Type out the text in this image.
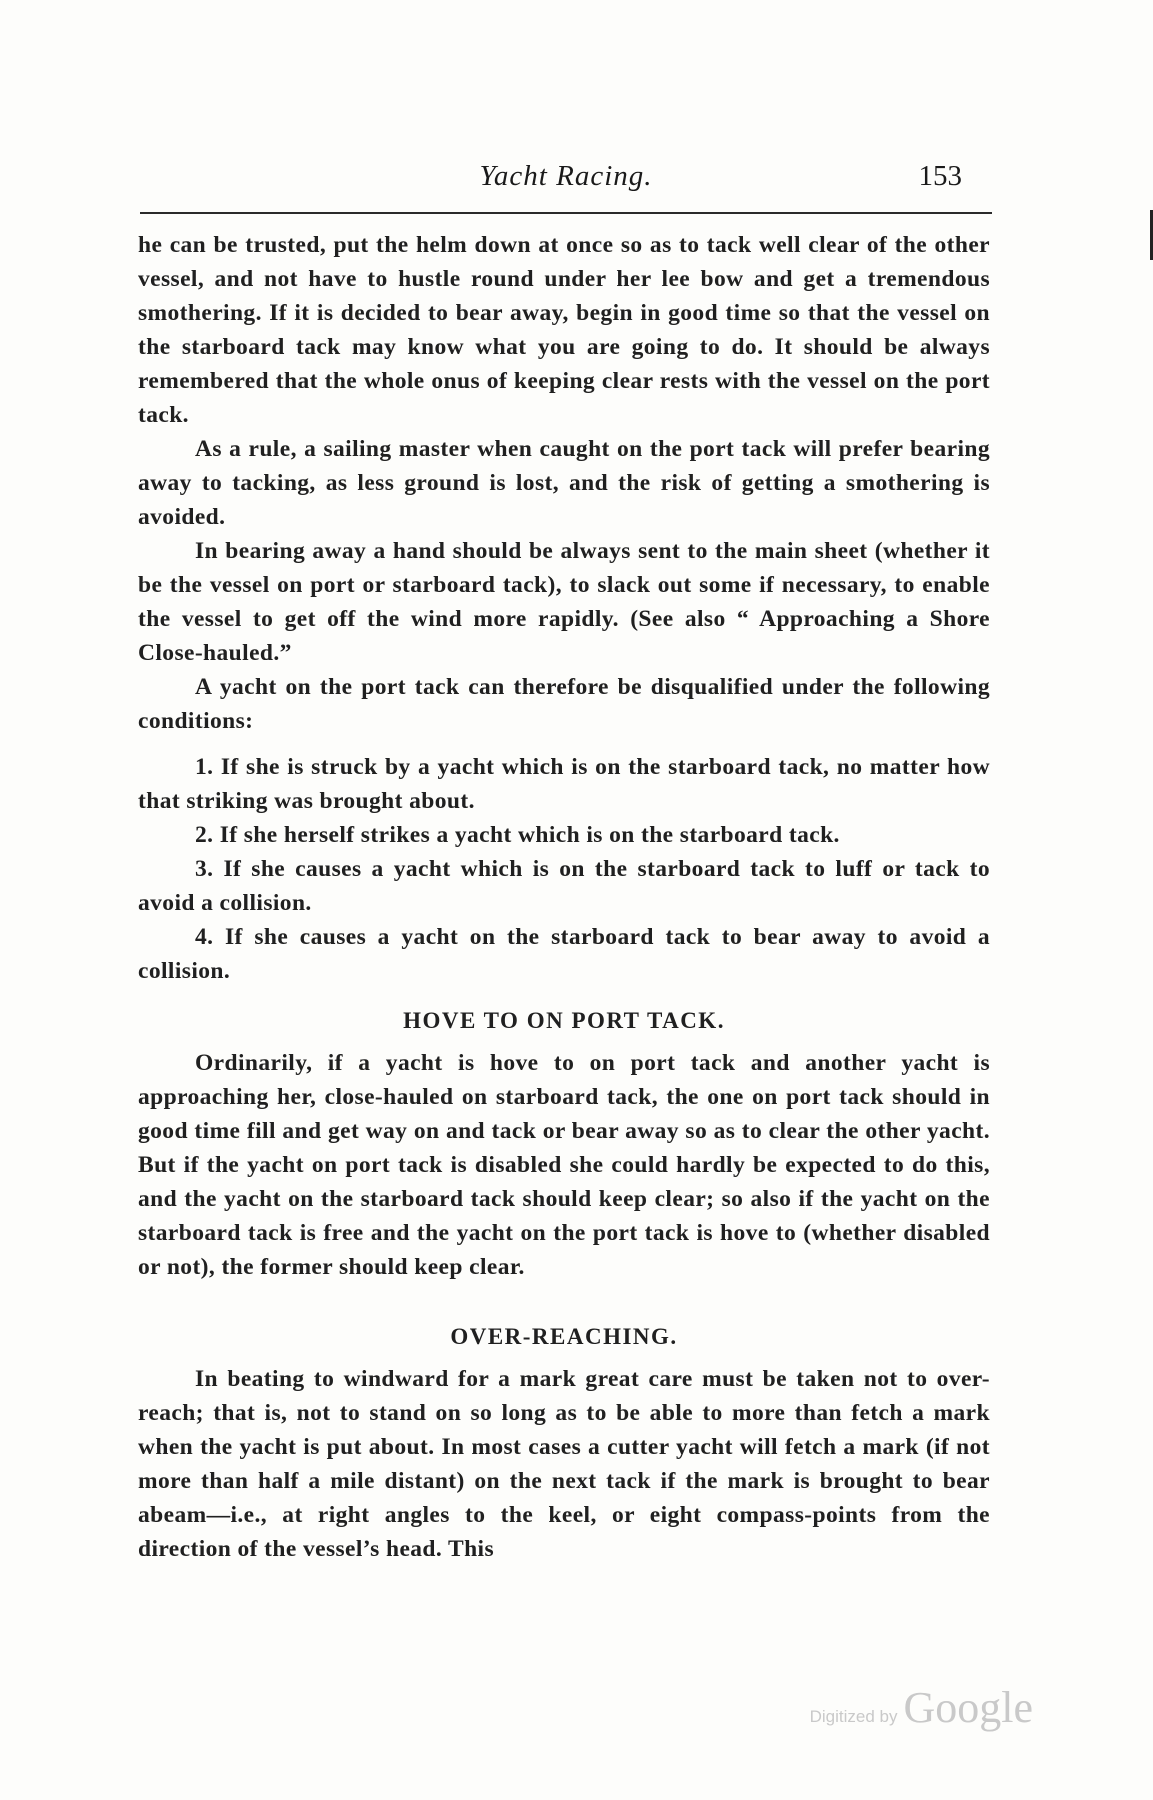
Yacht Racing.	153

he can be trusted, put the helm down at once so as to tack well clear of the other vessel, and not have to hustle round under her lee bow and get a tremendous smothering. If it is decided to bear away, begin in good time so that the vessel on the starboard tack may know what you are going to do. It should be always remembered that the whole onus of keeping clear rests with the vessel on the port tack.

As a rule, a sailing master when caught on the port tack will prefer bearing away to tacking, as less ground is lost, and the risk of getting a smothering is avoided.

In bearing away a hand should be always sent to the main sheet (whether it be the vessel on port or starboard tack), to slack out some if necessary, to enable the vessel to get off the wind more rapidly. (See also “ Approaching a Shore Close-hauled.”

A yacht on the port tack can therefore be disqualified under the following conditions:

1. If she is struck by a yacht which is on the starboard tack, no matter how that striking was brought about.

2. If she herself strikes a yacht which is on the starboard tack.

3. If she causes a yacht which is on the starboard tack to luff or tack to avoid a collision.

4. If she causes a yacht on the starboard tack to bear away to avoid a collision.

HOVE TO ON PORT TACK.

Ordinarily, if a yacht is hove to on port tack and another yacht is approaching her, close-hauled on starboard tack, the one on port tack should in good time fill and get way on and tack or bear away so as to clear the other yacht. But if the yacht on port tack is disabled she could hardly be expected to do this, and the yacht on the starboard tack should keep clear; so also if the yacht on the starboard tack is free and the yacht on the port tack is hove to (whether disabled or not), the former should keep clear.

OVER-REACHING.

In beating to windward for a mark great care must be taken not to over-reach; that is, not to stand on so long as to be able to more than fetch a mark when the yacht is put about. In most cases a cutter yacht will fetch a mark (if not more than half a mile distant) on the next tack if the mark is brought to bear abeam—i.e., at right angles to the keel, or eight compass-points from the direction of the vessel’s head. This

Digitized by Google
